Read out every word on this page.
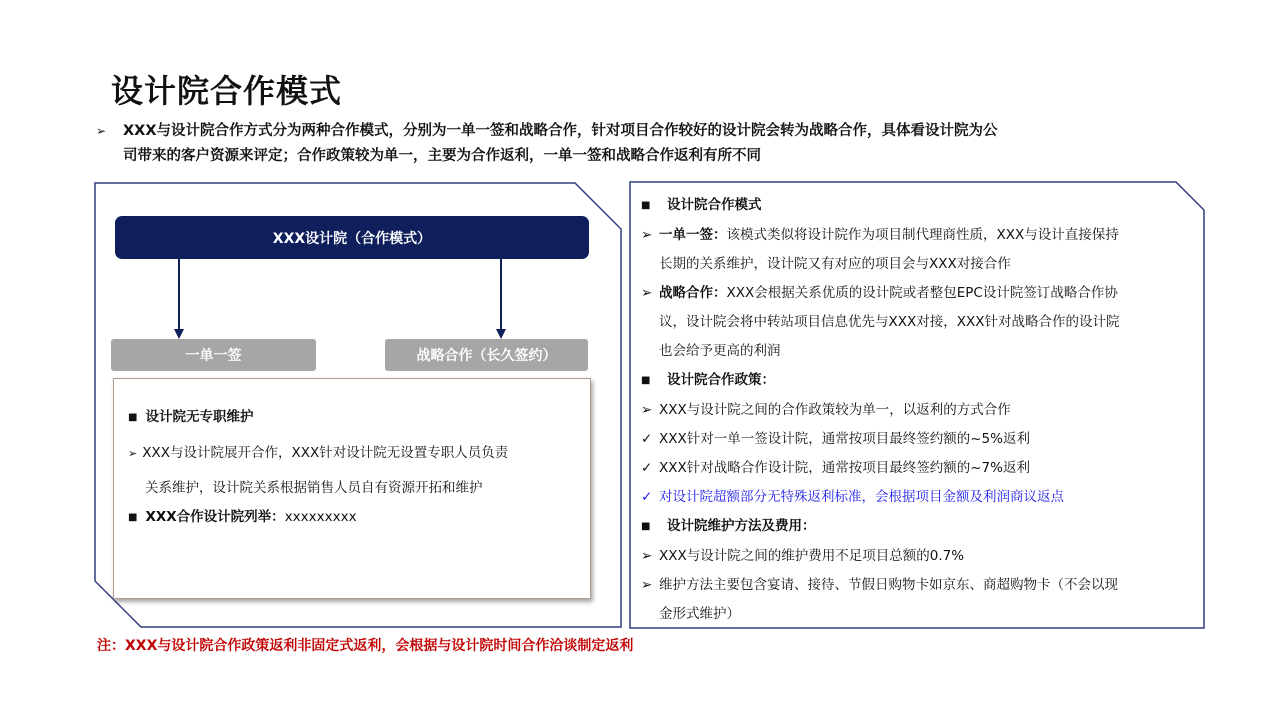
设计院合作模式
➢ XXX与设计院合作方式分为两种合作模式，分别为一单一签和战略合作，针对项目合作较好的设计院会转为战略合作，具体看设计院为公
司带来的客户资源来评定；合作政策较为单一，主要为合作返利，一单一签和战略合作返利有所不同
XXX设计院（合作模式）
一单一签	战略合作（长久签约）
■ 设计院无专职维护
➢ XXX与设计院展开合作，XXX针对设计院无设置专职人员负责
关系维护，设计院关系根据销售人员自有资源开拓和维护
■ XXX合作设计院列举：xxxxxxxxx
■ 设计院合作模式
➢ 一单一签：该模式类似将设计院作为项目制代理商性质，XXX与设计直接保持
长期的关系维护，设计院又有对应的项目会与XXX对接合作
➢ 战略合作：XXX会根据关系优质的设计院或者整包EPC设计院签订战略合作协
议，设计院会将中转站项目信息优先与XXX对接，XXX针对战略合作的设计院
也会给予更高的利润
■ 设计院合作政策：
➢ XXX与设计院之间的合作政策较为单一，以返利的方式合作
✓ XXX针对一单一签设计院，通常按项目最终签约额的~5%返利
✓ XXX针对战略合作设计院，通常按项目最终签约额的~7%返利
✓ 对设计院超额部分无特殊返利标准，会根据项目金额及利润商议返点
■ 设计院维护方法及费用：
➢ XXX与设计院之间的维护费用不足项目总额的0.7%
➢ 维护方法主要包含宴请、接待、节假日购物卡如京东、商超购物卡（不会以现
金形式维护）
注：XXX与设计院合作政策返利非固定式返利，会根据与设计院时间合作洽谈制定返利
